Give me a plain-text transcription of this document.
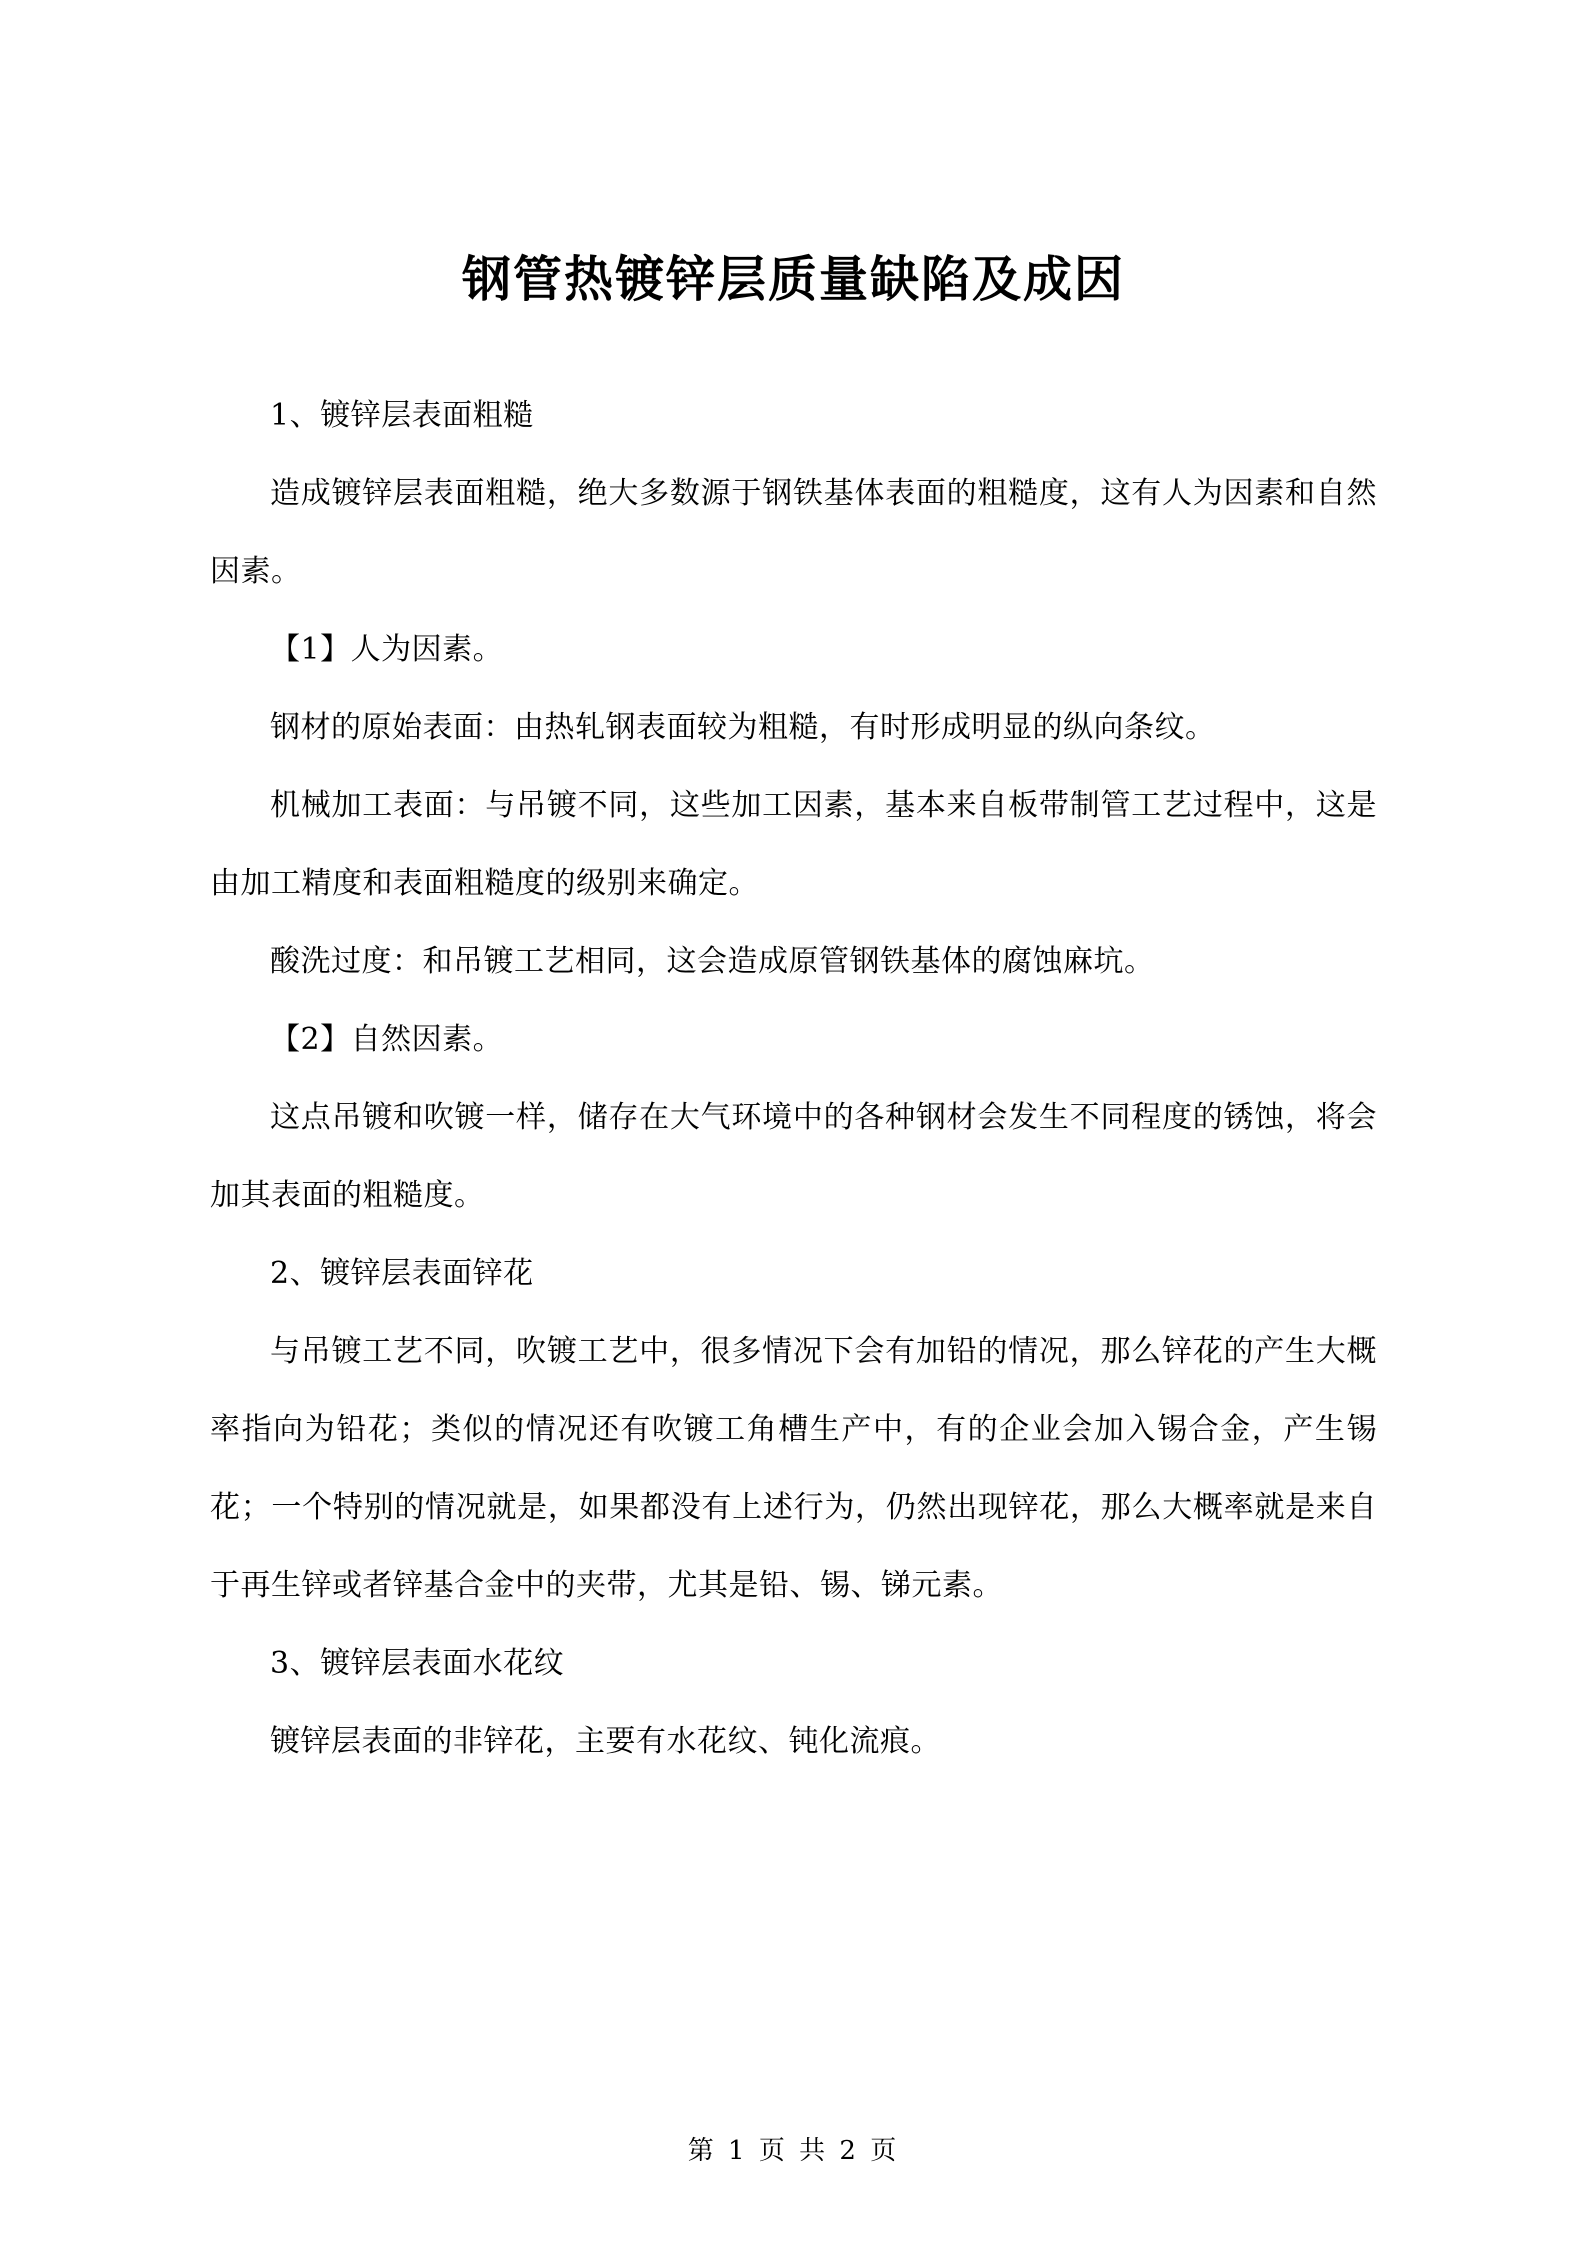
钢管热镀锌层质量缺陷及成因

1、镀锌层表面粗糙

造成镀锌层表面粗糙，绝大多数源于钢铁基体表面的粗糙度，这有人为因素和自然因素。

【1】人为因素。

钢材的原始表面：由热轧钢表面较为粗糙，有时形成明显的纵向条纹。

机械加工表面：与吊镀不同，这些加工因素，基本来自板带制管工艺过程中，这是由加工精度和表面粗糙度的级别来确定。

酸洗过度：和吊镀工艺相同，这会造成原管钢铁基体的腐蚀麻坑。

【2】自然因素。

这点吊镀和吹镀一样，储存在大气环境中的各种钢材会发生不同程度的锈蚀，将会加其表面的粗糙度。

2、镀锌层表面锌花

与吊镀工艺不同，吹镀工艺中，很多情况下会有加铅的情况，那么锌花的产生大概率指向为铅花；类似的情况还有吹镀工角槽生产中，有的企业会加入锡合金，产生锡花；一个特别的情况就是，如果都没有上述行为，仍然出现锌花，那么大概率就是来自于再生锌或者锌基合金中的夹带，尤其是铅、锡、锑元素。

3、镀锌层表面水花纹

镀锌层表面的非锌花，主要有水花纹、钝化流痕。

第 1 页 共 2 页
